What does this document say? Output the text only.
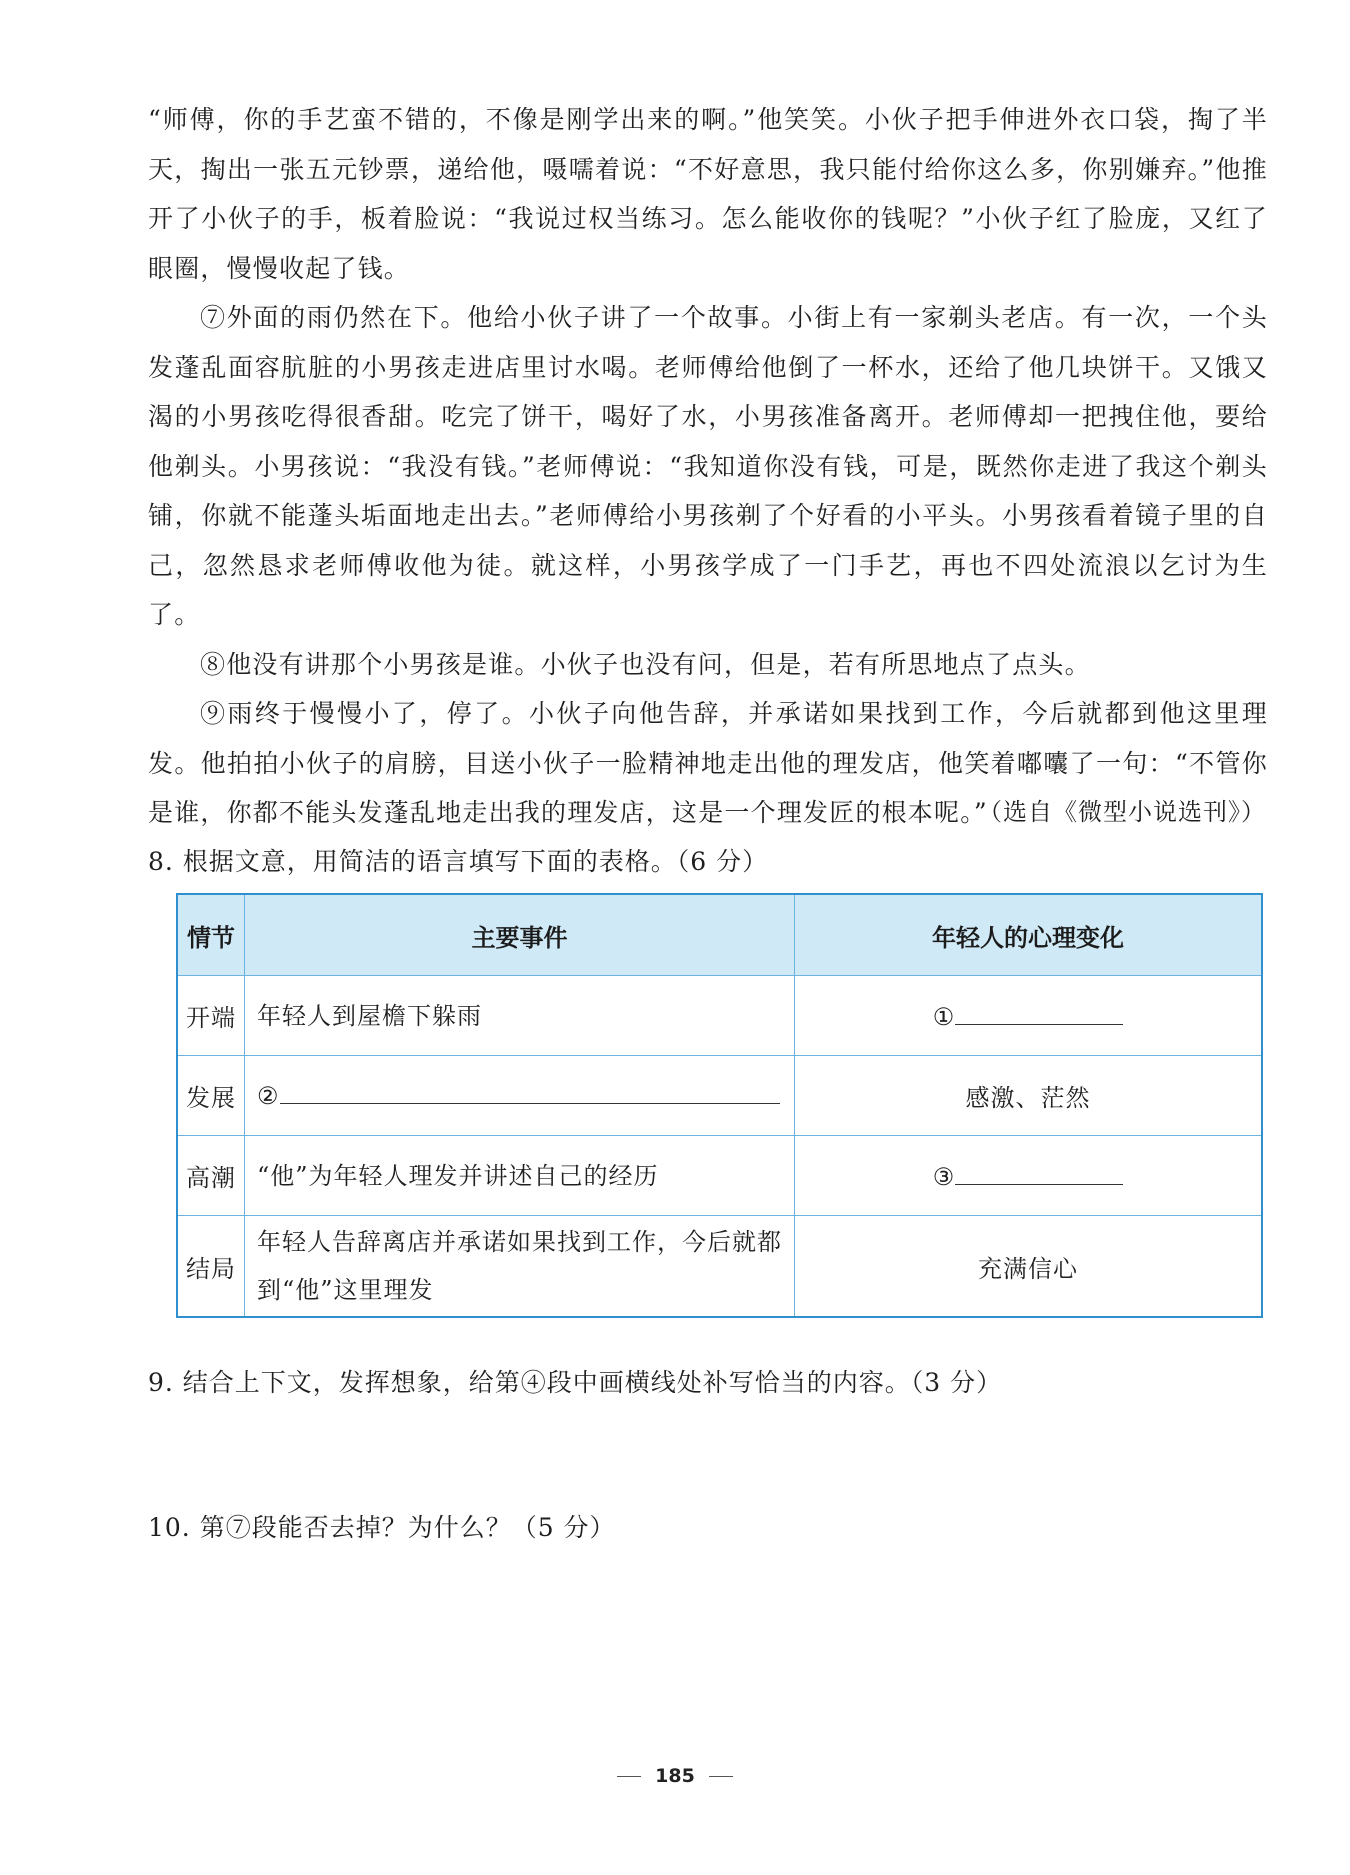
“师傅，你的手艺蛮不错的，不像是刚学出来的啊。”他笑笑。小伙子把手伸进外衣口袋，掏了半天，掏出一张五元钞票，递给他，嗫嚅着说：“不好意思，我只能付给你这么多，你别嫌弃。”他推开了小伙子的手，板着脸说：“我说过权当练习。怎么能收你的钱呢？”小伙子红了脸庞，又红了眼圈，慢慢收起了钱。

⑦外面的雨仍然在下。他给小伙子讲了一个故事。小街上有一家剃头老店。有一次，一个头发蓬乱面容肮脏的小男孩走进店里讨水喝。老师傅给他倒了一杯水，还给了他几块饼干。又饿又渴的小男孩吃得很香甜。吃完了饼干，喝好了水，小男孩准备离开。老师傅却一把拽住他，要给他剃头。小男孩说：“我没有钱。”老师傅说：“我知道你没有钱，可是，既然你走进了我这个剃头铺，你就不能蓬头垢面地走出去。”老师傅给小男孩剃了个好看的小平头。小男孩看着镜子里的自己，忽然恳求老师傅收他为徒。就这样，小男孩学成了一门手艺，再也不四处流浪以乞讨为生了。

⑧他没有讲那个小男孩是谁。小伙子也没有问，但是，若有所思地点了点头。

⑨雨终于慢慢小了，停了。小伙子向他告辞，并承诺如果找到工作，今后就都到他这里理发。他拍拍小伙子的肩膀，目送小伙子一脸精神地走出他的理发店，他笑着嘟囔了一句：“不管你是谁，你都不能头发蓬乱地走出我的理发店，这是一个理发匠的根本呢。”

（选自《微型小说选刊》）
8. 根据文意，用简洁的语言填写下面的表格。（6 分）
情节	主要事件	年轻人的心理变化
开端	年轻人到屋檐下躲雨	①
发展	②	感激、茫然
高潮	“他”为年轻人理发并讲述自己的经历	③
结局	年轻人告辞离店并承诺如果找到工作，今后就都到“他”这里理发	充满信心
9. 结合上下文，发挥想象，给第④段中画横线处补写恰当的内容。（3 分）
10. 第⑦段能否去掉？为什么？（5 分）
185
